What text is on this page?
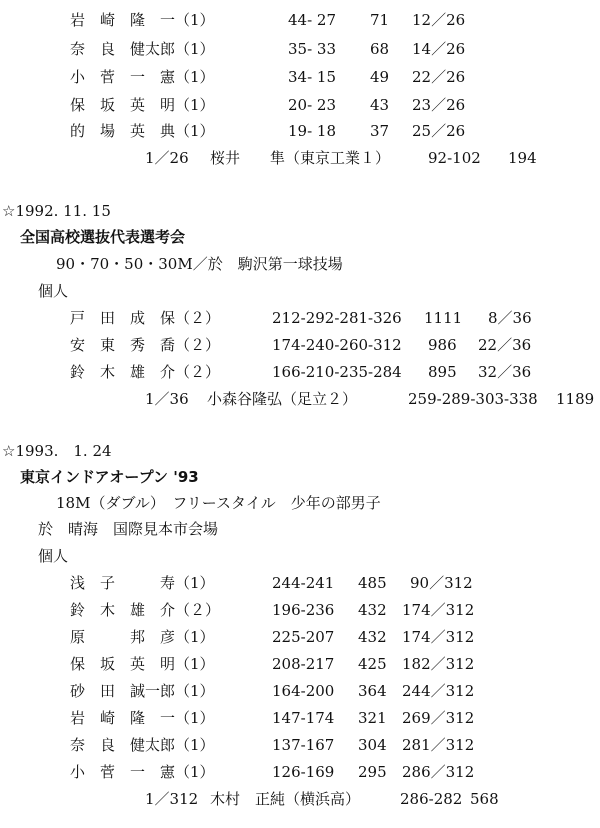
岩　崎　隆　一（1）	44- 27 71 12／26
奈　良　健太郎（1）	35- 33 68 14／26
小　菅　一　憲（1）	34- 15 49 22／26
保　坂　英　明（1）	20- 23 43 23／26
的　場　英　典（1）	19- 18 37 25／26
1／26 桜井　　隼（東京工業１）	92-102 194
☆1992. 11. 15
全国高校選抜代表選考会
90・70・50・30M／於　駒沢第一球技場
個人
戸　田　成　保（２）	212-292-281-326 1111 8／36
安　東　秀　喬（２）	174-240-260-312 986 22／36
鈴　木　雄　介（２）	166-210-235-284 895 32／36
1／36 小森谷隆弘（足立２）	259-289-303-338 1189
☆1993.　1. 24
東京インドアオープン '93
18M（ダブル）　フリースタイル　少年の部男子
於　晴海　国際見本市会場
個人
浅　子　　　寿（1）	244-241 485 90／312
鈴　木　雄　介（２）	196-236 432 174／312
原　　　邦　彦（1）	225-207 432 174／312
保　坂　英　明（1）	208-217 425 182／312
砂　田　誠一郎（1）	164-200 364 244／312
岩　崎　隆　一（1）	147-174 321 269／312
奈　良　健太郎（1）	137-167 304 281／312
小　菅　一　憲（1）	126-169 295 286／312
1／312 木村　正純（横浜高）	286-282 568
